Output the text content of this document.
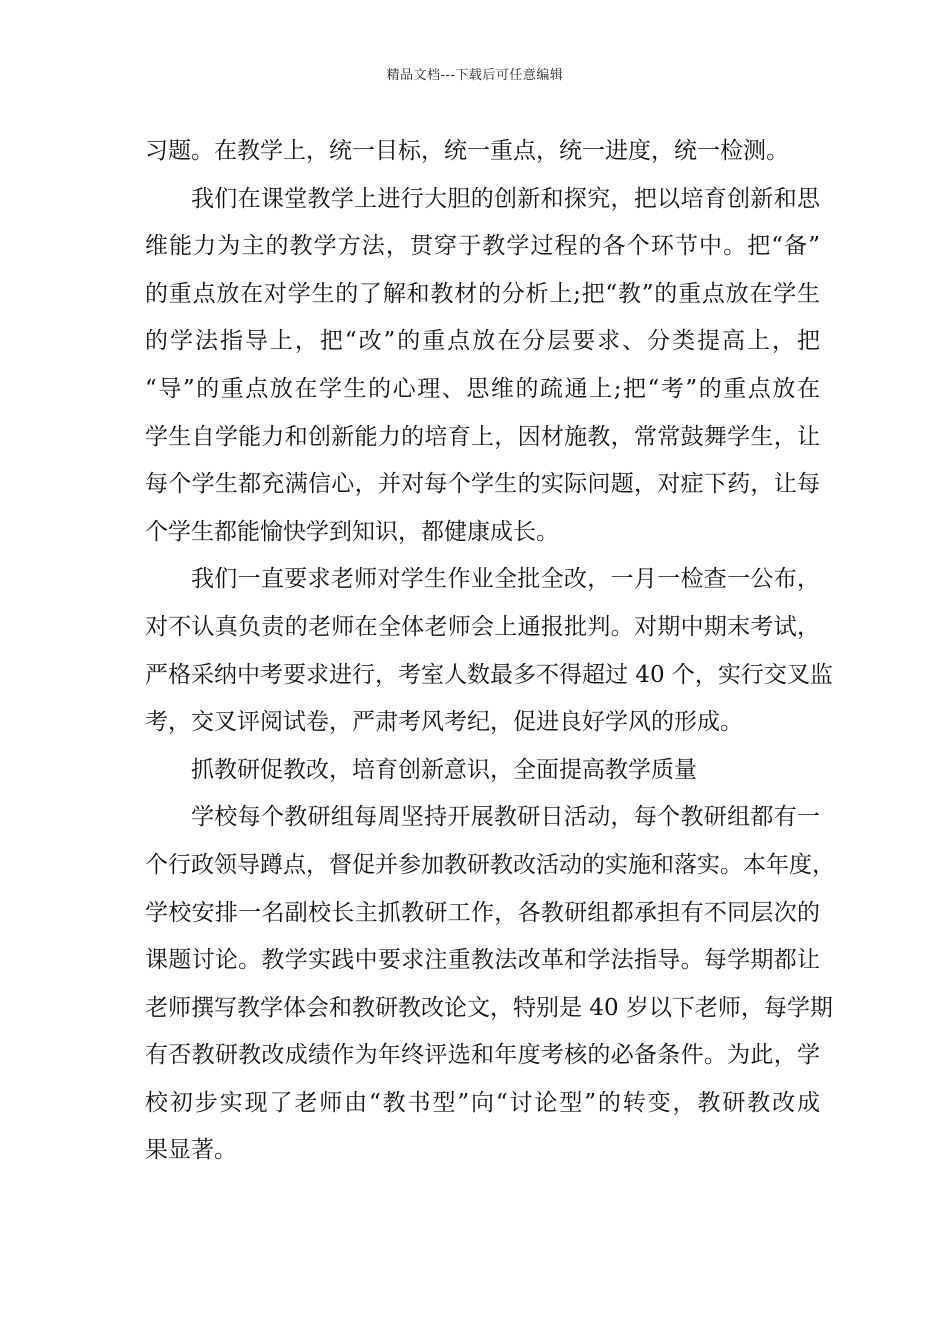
精品文档---下载后可任意编辑
习题。在教学上，统一目标，统一重点，统一进度，统一检测。
我们在课堂教学上进行大胆的创新和探究，把以培育创新和思
维能力为主的教学方法，贯穿于教学过程的各个环节中。把“备”
的重点放在对学生的了解和教材的分析上;把“教”的重点放在学生
的学法指导上，把“改”的重点放在分层要求、分类提高上，把
“导”的重点放在学生的心理、思维的疏通上;把“考”的重点放在
学生自学能力和创新能力的培育上，因材施教，常常鼓舞学生，让
每个学生都充满信心，并对每个学生的实际问题，对症下药，让每
个学生都能愉快学到知识，都健康成长。
我们一直要求老师对学生作业全批全改，一月一检查一公布，
对不认真负责的老师在全体老师会上通报批判。对期中期末考试，
严格采纳中考要求进行，考室人数最多不得超过 40 个，实行交叉监
考，交叉评阅试卷，严肃考风考纪，促进良好学风的形成。
抓教研促教改，培育创新意识，全面提高教学质量
学校每个教研组每周坚持开展教研日活动，每个教研组都有一
个行政领导蹲点，督促并参加教研教改活动的实施和落实。本年度，
学校安排一名副校长主抓教研工作，各教研组都承担有不同层次的
课题讨论。教学实践中要求注重教法改革和学法指导。每学期都让
老师撰写教学体会和教研教改论文，特别是 40 岁以下老师，每学期
有否教研教改成绩作为年终评选和年度考核的必备条件。为此，学
校初步实现了老师由“教书型”向“讨论型”的转变，教研教改成
果显著。
